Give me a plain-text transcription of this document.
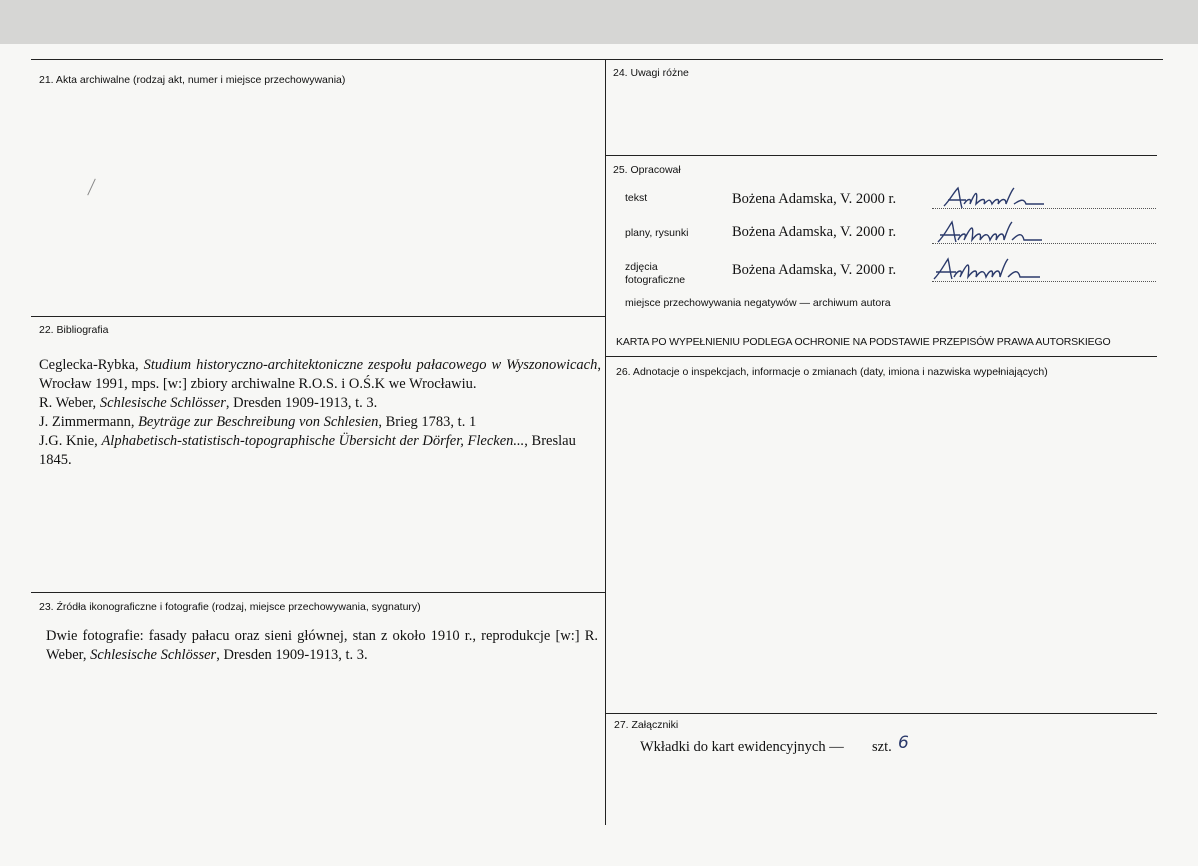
21. Akta archiwalne (rodzaj akt, numer i miejsce przechowywania)
22. Bibliografia

Ceglecka-Rybka, Studium historyczno-architektoniczne zespołu pałacowego w Wyszonowicach, Wrocław 1991, mps. [w:] zbiory archiwalne R.O.S. i O.Ś.K we Wrocławiu.

R. Weber, Schlesische Schlösser, Dresden 1909-1913, t. 3.

J. Zimmermann, Beyträge zur Beschreibung von Schlesien, Brieg 1783, t. 1

J.G. Knie, Alphabetisch-statistisch-topographische Übersicht der Dörfer, Flecken..., Breslau 1845.

23. Źródła ikonograficzne i fotografie (rodzaj, miejsce przechowywania, sygnatury)
Dwie fotografie: fasady pałacu oraz sieni głównej, stan z około 1910 r., reprodukcje [w:] R. Weber, Schlesische Schlösser, Dresden 1909-1913, t. 3.
24. Uwagi różne
25. Opracował
tekst	Bożena Adamska, V. 2000 r.
plany, rysunki	Bożena Adamska, V. 2000 r.
zdjęcia
fotograficzne
Bożena Adamska, V. 2000 r.
miejsce przechowywania negatywów — archiwum autora
KARTA PO WYPEŁNIENIU PODLEGA OCHRONIE NA PODSTAWIE PRZEPISÓW PRAWA AUTORSKIEGO
26. Adnotacje o inspekcjach, informacje o zmianach (daty, imiona i nazwiska wypełniających)
27. Załączniki
Wkładki do kart ewidencyjnych — szt. 6
